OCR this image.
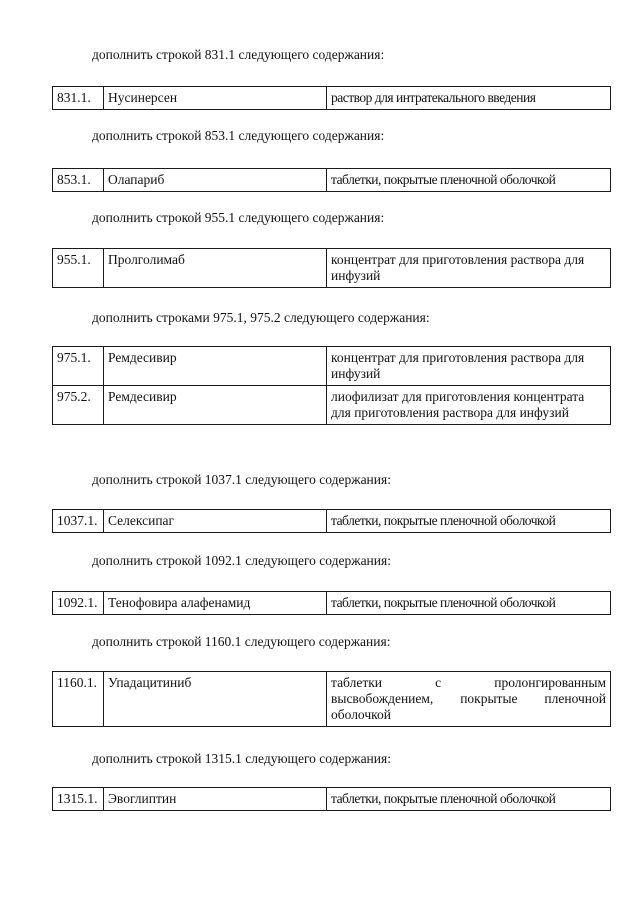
дополнить строкой 831.1 следующего содержания:
831.1.	Нусинерсен	раствор для интратекального введения
дополнить строкой 853.1 следующего содержания:
853.1.	Олапариб	таблетки, покрытые пленочной оболочкой
дополнить строкой 955.1 следующего содержания:
955.1.	Пролголимаб	концентрат для приготовления раствора для инфузий
дополнить строками 975.1, 975.2 следующего содержания:
975.1.	Ремдесивир	концентрат для приготовления раствора для инфузий
975.2.	Ремдесивир	лиофилизат для приготовления концентрата для приготовления раствора для инфузий
дополнить строкой 1037.1 следующего содержания:
1037.1.	Селексипаг	таблетки, покрытые пленочной оболочкой
дополнить строкой 1092.1 следующего содержания:
1092.1.	Тенофовира алафенамид	таблетки, покрытые пленочной оболочкой
дополнить строкой 1160.1 следующего содержания:
1160.1.	Упадацитиниб	таблетки с пролонгированным высвобождением, покрытые пленочной оболочкой
дополнить строкой 1315.1 следующего содержания:
1315.1.	Эвоглиптин	таблетки, покрытые пленочной оболочкой
